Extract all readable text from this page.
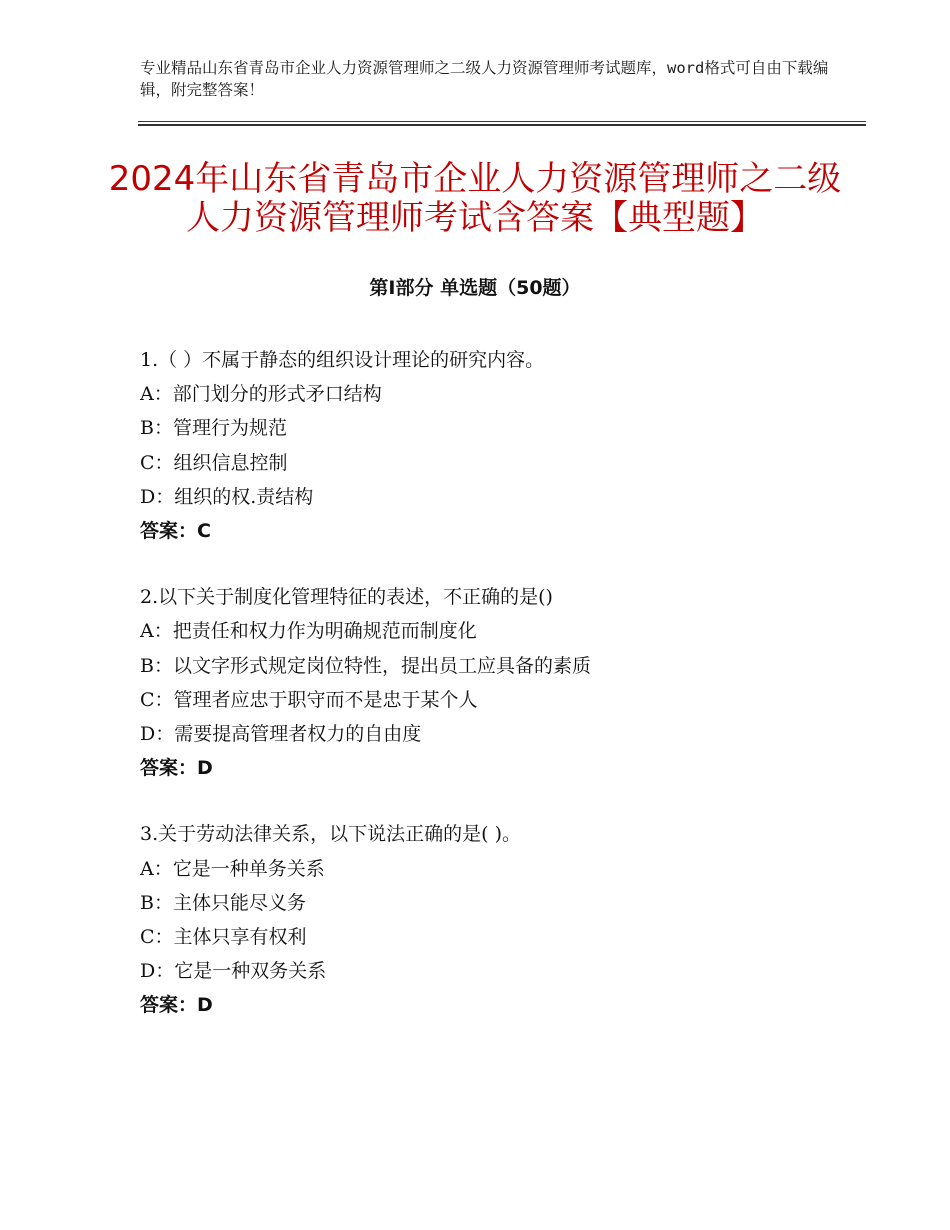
专业精品山东省青岛市企业人力资源管理师之二级人力资源管理师考试题库，word格式可自由下载编辑，附完整答案！
2024年山东省青岛市企业人力资源管理师之二级人力资源管理师考试含答案【典型题】
第Ⅰ部分 单选题（50题）
1.（ ）不属于静态的组织设计理论的研究内容。
A：部门划分的形式矛口结构
B：管理行为规范
C：组织信息控制
D：组织的权.责结构
答案：C
2.以下关于制度化管理特征的表述，不正确的是()
A：把责任和权力作为明确规范而制度化
B：以文字形式规定岗位特性，提出员工应具备的素质
C：管理者应忠于职守而不是忠于某个人
D：需要提高管理者权力的自由度
答案：D
3.关于劳动法律关系，以下说法正确的是( )。
A：它是一种单务关系
B：主体只能尽义务
C：主体只享有权利
D：它是一种双务关系
答案：D
